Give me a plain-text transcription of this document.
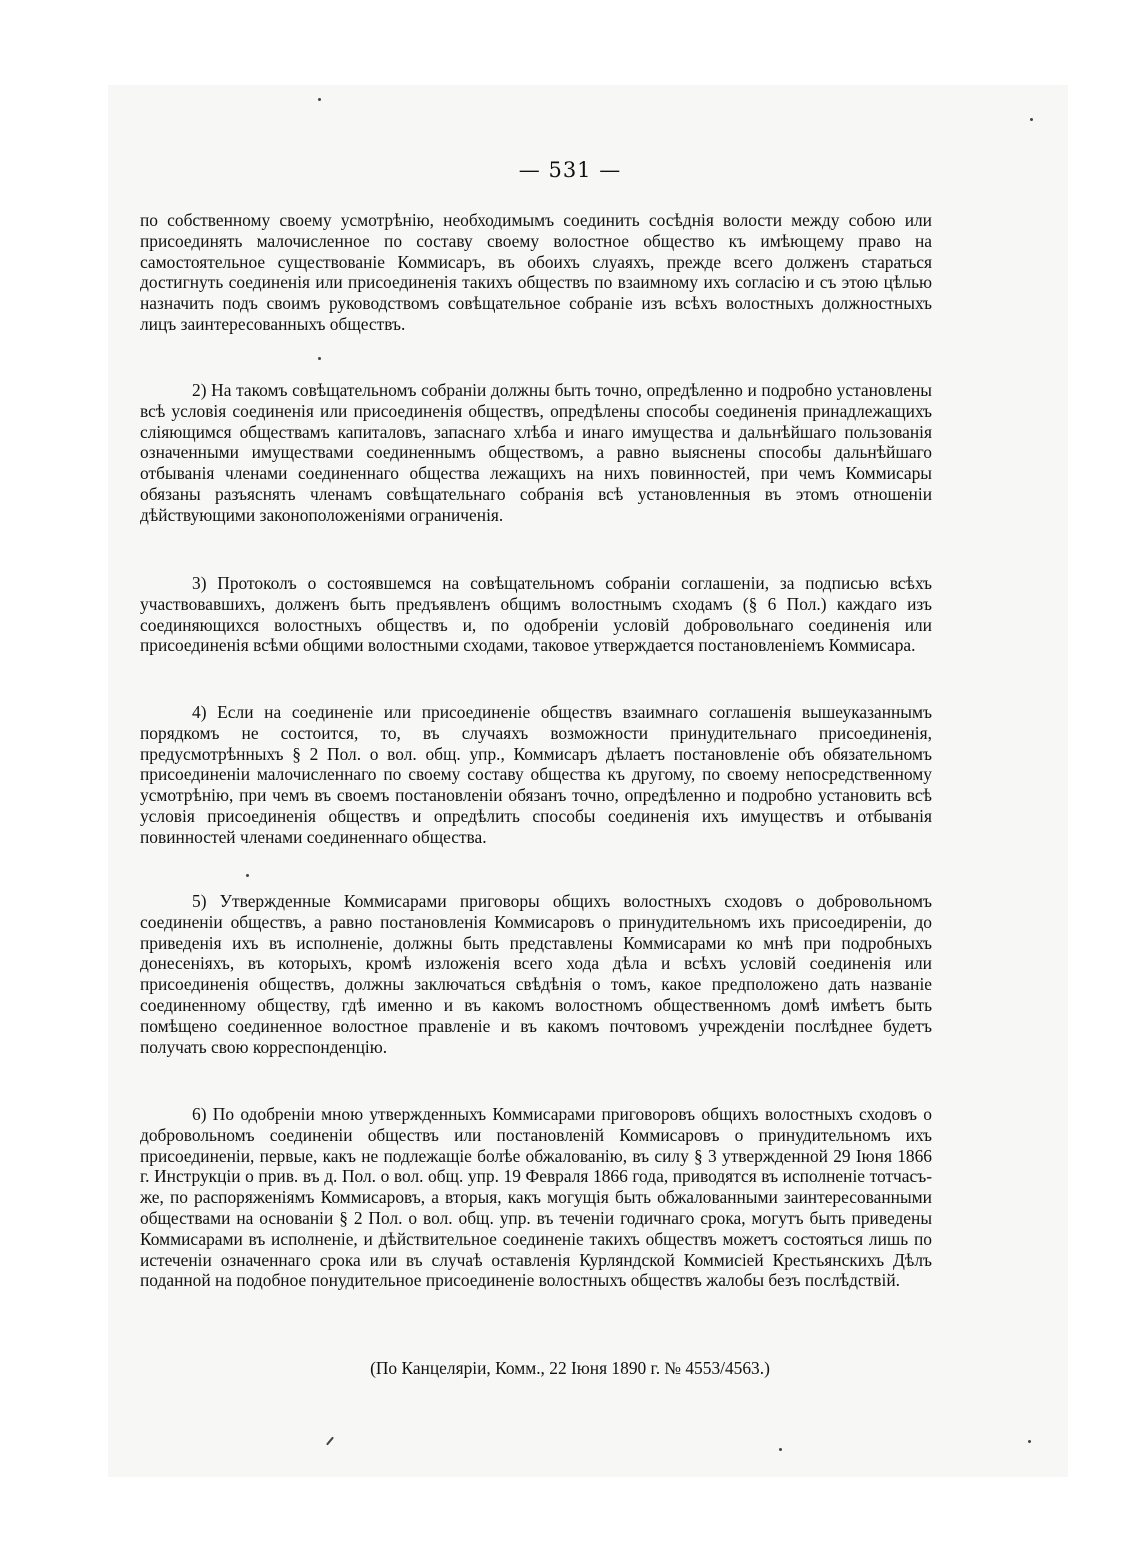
— 531 —

по собственному своему усмотрѣнію, необходимымъ соединить сосѣднія волости между собою или присоединять малочисленное по составу своему волостное общество къ имѣющему право на самостоятельное существованіе Коммисаръ, въ обоихъ слуаяхъ, прежде всего долженъ стараться достигнуть соединенія или присоединенія такихъ обществъ по взаимному ихъ согласію и съ этою цѣлью назначить подъ своимъ руководствомъ совѣщательное собраніе изъ всѣхъ волостныхъ должностныхъ лицъ заинтересованныхъ обществъ.

2) На такомъ совѣщательномъ собраніи должны быть точно, опредѣленно и подробно установлены всѣ условія соединенія или присоединенія обществъ, опредѣлены способы соединенія принадлежащихъ сліяющимся обществамъ капиталовъ, запаснаго хлѣба и инаго имущества и дальнѣйшаго пользованія означенными имуществами соединеннымъ обществомъ, а равно выяснены способы дальнѣйшаго отбыванія членами соединеннаго общества лежащихъ на нихъ повинностей, при чемъ Коммисары обязаны разъяснять членамъ совѣщательнаго собранія всѣ установленныя въ этомъ отношеніи дѣйствующими законоположеніями ограниченія.

3) Протоколъ о состоявшемся на совѣщательномъ собраніи соглашеніи, за подписью всѣхъ участвовавшихъ, долженъ быть предъявленъ общимъ волостнымъ сходамъ (§ 6 Пол.) каждаго изъ соединяющихся волостныхъ обществъ и, по одобреніи условій добровольнаго соединенія или присоединенія всѣми общими волостными сходами, таковое утверждается постановленіемъ Коммисара.

4) Если на соединеніе или присоединеніе обществъ взаимнаго соглашенія вышеуказаннымъ порядкомъ не состоится, то, въ случаяхъ возможности принудительнаго присоединенія, предусмотрѣнныхъ § 2 Пол. о вол. общ. упр., Коммисаръ дѣлаетъ постановленіе объ обязательномъ присоединеніи малочисленнаго по своему составу общества къ другому, по своему непосредственному усмотрѣнію, при чемъ въ своемъ постановленіи обязанъ точно, опредѣленно и подробно установить всѣ условія присоединенія обществъ и опредѣлить способы соединенія ихъ имуществъ и отбыванія повинностей членами соединеннаго общества.

5) Утвержденные Коммисарами приговоры общихъ волостныхъ сходовъ о добровольномъ соединеніи обществъ, а равно постановленія Коммисаровъ о принудительномъ ихъ присоедиреніи, до приведенія ихъ въ исполненіе, должны быть представлены Коммисарами ко мнѣ при подробныхъ донесеніяхъ, въ которыхъ, кромѣ изложенія всего хода дѣла и всѣхъ условій соединенія или присоединенія обществъ, должны заключаться свѣдѣнія о томъ, какое предположено дать названіе соединенному обществу, гдѣ именно и въ какомъ волостномъ общественномъ домѣ имѣетъ быть помѣщено соединенное волостное правленіе и въ какомъ почтовомъ учрежденіи послѣднее будетъ получать свою корреспонденцію.

6) По одобреніи мною утвержденныхъ Коммисарами приговоровъ общихъ волостныхъ сходовъ о добровольномъ соединеніи обществъ или постановленій Коммисаровъ о принудительномъ ихъ присоединеніи, первые, какъ не подлежащіе болѣе обжалованію, въ силу § 3 утвержденной 29 Іюня 1866 г. Инструкціи о прив. въ д. Пол. о вол. общ. упр. 19 Февраля 1866 года, приводятся въ исполненіе тотчасъ-же, по распоряженіямъ Коммисаровъ, а вторыя, какъ могущія быть обжалованными заинтересованными обществами на основаніи § 2 Пол. о вол. общ. упр. въ теченіи годичнаго срока, могутъ быть приведены Коммисарами въ исполненіе, и дѣйствительное соединеніе такихъ обществъ можетъ состояться лишь по истеченіи означеннаго срока или въ случаѣ оставленія Курляндской Коммисіей Крестьянскихъ Дѣлъ поданной на подобное понудительное присоединеніе волостныхъ обществъ жалобы безъ послѣдствій.

(По Канцеляріи, Комм., 22 Іюня 1890 г. № 4553/4563.)
